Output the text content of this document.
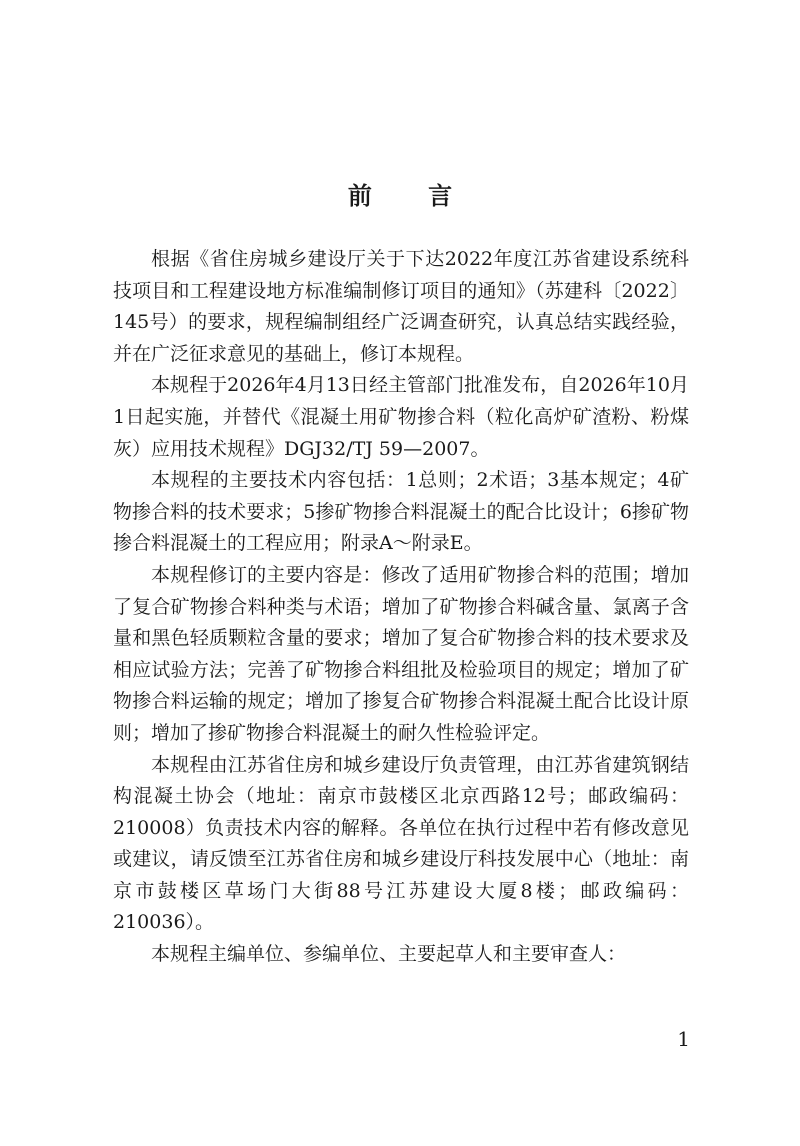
前 言

根据《省住房城乡建设厅关于下达2022年度江苏省建设系统科技项目和工程建设地方标准编制修订项目的通知》（苏建科〔2022〕145号）的要求，规程编制组经广泛调查研究，认真总结实践经验，并在广泛征求意见的基础上，修订本规程。

本规程于2026年4月13日经主管部门批准发布，自2026年10月1日起实施，并替代《混凝土用矿物掺合料（粒化高炉矿渣粉、粉煤灰）应用技术规程》DGJ32/TJ 59—2007。

本规程的主要技术内容包括：1总则；2术语；3基本规定；4矿物掺合料的技术要求；5掺矿物掺合料混凝土的配合比设计；6掺矿物掺合料混凝土的工程应用；附录A～附录E。

本规程修订的主要内容是：修改了适用矿物掺合料的范围；增加了复合矿物掺合料种类与术语；增加了矿物掺合料碱含量、氯离子含量和黑色轻质颗粒含量的要求；增加了复合矿物掺合料的技术要求及相应试验方法；完善了矿物掺合料组批及检验项目的规定；增加了矿物掺合料运输的规定；增加了掺复合矿物掺合料混凝土配合比设计原则；增加了掺矿物掺合料混凝土的耐久性检验评定。

本规程由江苏省住房和城乡建设厅负责管理，由江苏省建筑钢结构混凝土协会（地址：南京市鼓楼区北京西路12号；邮政编码：210008）负责技术内容的解释。各单位在执行过程中若有修改意见或建议，请反馈至江苏省住房和城乡建设厅科技发展中心（地址：南京市鼓楼区草场门大街88号江苏建设大厦8楼；邮政编码：210036）。

本规程主编单位、参编单位、主要起草人和主要审查人：

1
